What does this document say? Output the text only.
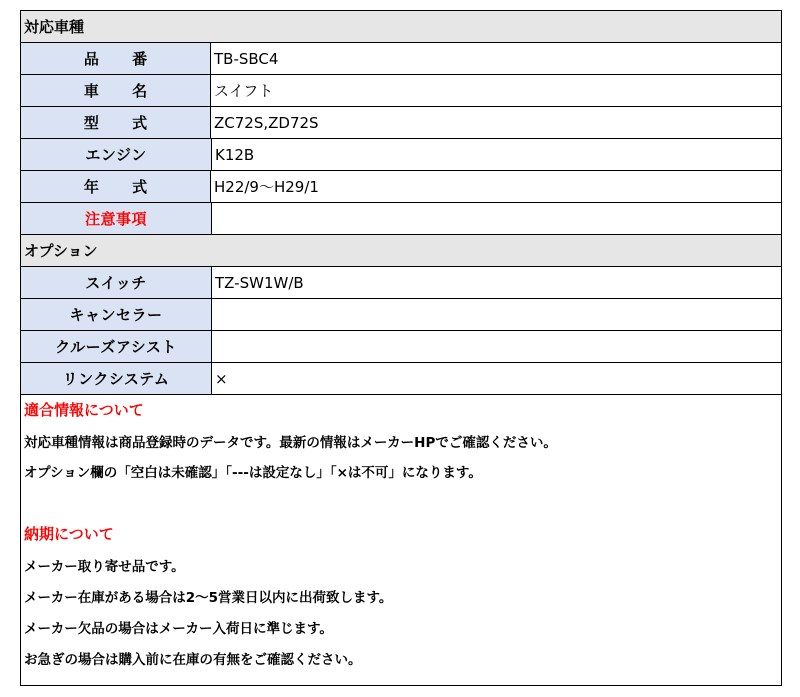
対応車種
品 番	TB-SBC4
車 名	スイフト
型 式	ZC72S,ZD72S
エンジン	K12B
年 式	H22/9～H29/1
注意事項
オプション
スイッチ	TZ-SW1W/B
キャンセラー
クルーズアシスト
リンクシステム	×
適合情報について
対応車種情報は商品登録時のデータです。最新の情報はメーカーHPでご確認ください。
オプション欄の「空白は未確認」「---は設定なし」「×は不可」になります。
納期について
メーカー取り寄せ品です。
メーカー在庫がある場合は2～5営業日以内に出荷致します。
メーカー欠品の場合はメーカー入荷日に準じます。
お急ぎの場合は購入前に在庫の有無をご確認ください。
